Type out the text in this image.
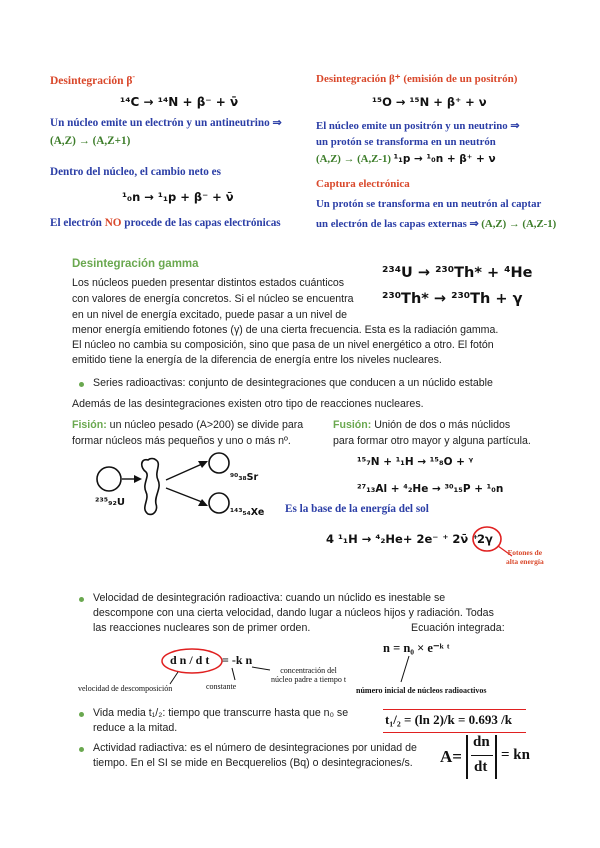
Desintegración β-
¹⁴C → ¹⁴N + β⁻ + ν̄
Un núcleo emite un electrón y un antineutrino ⇒
(A,Z) → (A,Z+1)
Dentro del núcleo, el cambio neto es
¹₀n → ¹₁p + β⁻ + ν̄
El electrón NO procede de las capas electrónicas
Desintegración β⁺ (emisión de un positrón)
¹⁵O → ¹⁵N + β⁺ + ν
El núcleo emite un positrón y un neutrino ⇒
un protón se transforma en un neutrón
(A,Z) → (A,Z-1) ¹₁p → ¹₀n + β⁺ + ν
Captura electrónica
Un protón se transforma en un neutrón al captar
un electrón de las capas externas ⇒ (A,Z) → (A,Z-1)
Desintegración gamma
²³⁴U → ²³⁰Th* + ⁴He
²³⁰Th* → ²³⁰Th + γ
Los núcleos pueden presentar distintos estados cuánticos
con valores de energía concretos. Si el núcleo se encuentra
en un nivel de energía excitado, puede pasar a un nivel de
menor energía emitiendo fotones (γ) de una cierta frecuencia. Esta es la radiación gamma.
El núcleo no cambia su composición, sino que pasa de un nivel energético a otro. El fotón
emitido tiene la energía de la diferencia de energía entre los niveles nucleares.
Series radioactivas: conjunto de desintegraciones que conducen a un núclido estable
Además de las desintegraciones existen otro tipo de reacciones nucleares.
Fisión: un núcleo pesado (A>200) se divide para
formar núcleos más pequeños y uno o más nº.
²³⁵₉₂U
⁹⁰₃₈Sr
¹⁴³₅₄Xe
Fusión: Unión de dos o más núclidos
para formar otro mayor y alguna partícula.
¹⁵₇N + ¹₁H → ¹⁵₈O + ᵞ
²⁷₁₃Al + ⁴₂He → ³⁰₁₅P + ¹₀n
Es la base de la energía del sol
4 ¹₁H → ⁴₂He+ 2e⁻ ⁺ 2ν̄ ⁺
2γ
Fotones de
alta energía
Velocidad de desintegración radioactiva: cuando un núclido es inestable se
descompone con una cierta velocidad, dando lugar a núcleos hijos y radiación. Todas
las reacciones nucleares son de primer orden.	Ecuación integrada:
d n / d t = -k n
velocidad de descomposición	constante
concentración del
núcleo padre a tiempo t
n = n₀ × e⁻ᵏ ᵗ
número inicial de núcleos radioactivos
Vida media t₁/₂: tiempo que transcurre hasta que n₀ se
reduce a la mitad.
t₁/₂ = (ln 2)/k = 0.693 /k
Actividad radiactiva: es el número de desintegraciones por unidad de
tiempo. En el SI se mide en Becquerelios (Bq) o desintegraciones/s. A=
dn
dt
= kn
